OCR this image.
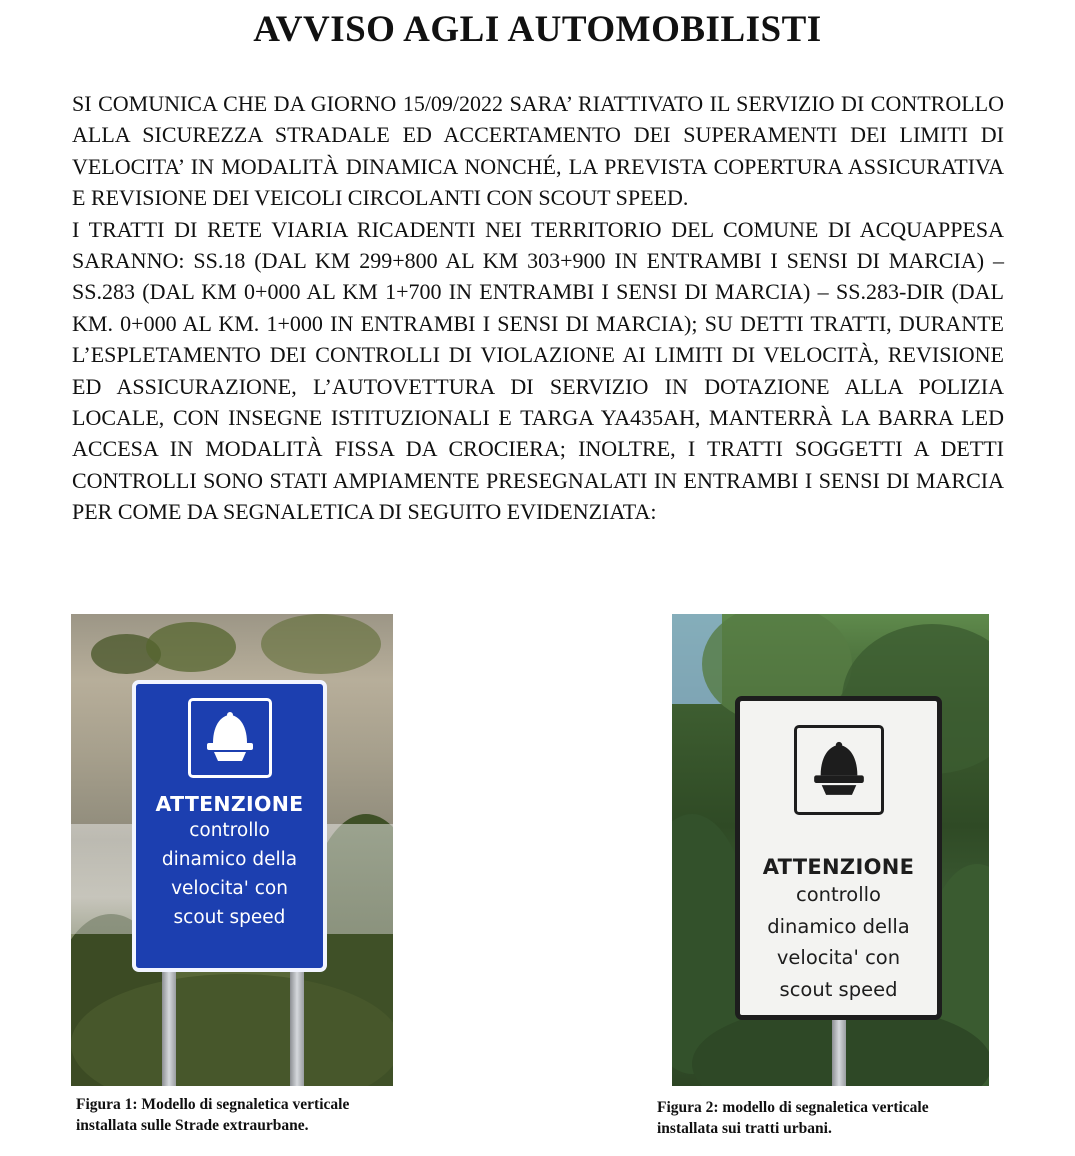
AVVISO AGLI AUTOMOBILISTI

SI COMUNICA CHE DA GIORNO 15/09/2022 SARA’ RIATTIVATO IL SERVIZIO DI CONTROLLO ALLA SICUREZZA STRADALE ED ACCERTAMENTO DEI SUPERAMENTI DEI LIMITI DI VELOCITA’ IN MODALITÀ DINAMICA NONCHÉ, LA PREVISTA COPERTURA ASSICURATIVA E REVISIONE DEI VEICOLI CIRCOLANTI CON SCOUT SPEED.

I TRATTI DI RETE VIARIA RICADENTI NEI TERRITORIO DEL COMUNE DI ACQUAPPESA SARANNO: SS.18 (DAL KM 299+800 AL KM 303+900 IN ENTRAMBI I SENSI DI MARCIA) – SS.283 (DAL KM 0+000 AL KM 1+700 IN ENTRAMBI I SENSI DI MARCIA) – SS.283-DIR (DAL KM. 0+000 AL KM. 1+000 IN ENTRAMBI I SENSI DI MARCIA); SU DETTI TRATTI, DURANTE L’ESPLETAMENTO DEI CONTROLLI DI VIOLAZIONE AI LIMITI DI VELOCITÀ, REVISIONE ED ASSICURAZIONE, L’AUTOVETTURA DI SERVIZIO IN DOTAZIONE ALLA POLIZIA LOCALE, CON INSEGNE ISTITUZIONALI E TARGA YA435AH, MANTERRÀ LA BARRA LED ACCESA IN MODALITÀ FISSA DA CROCIERA; INOLTRE, I TRATTI SOGGETTI A DETTI CONTROLLI SONO STATI AMPIAMENTE PRESEGNALATI IN ENTRAMBI I SENSI DI MARCIA PER COME DA SEGNALETICA DI SEGUITO EVIDENZIATA:

ATTENZIONE

controllo

dinamico della

velocita' con

scout speed

ATTENZIONE

controllo

dinamico della

velocita' con

scout speed

Figura 1: Modello di segnaletica verticale
installata sulle Strade extraurbane.

Figura 2: modello di segnaletica verticale
installata sui tratti urbani.
